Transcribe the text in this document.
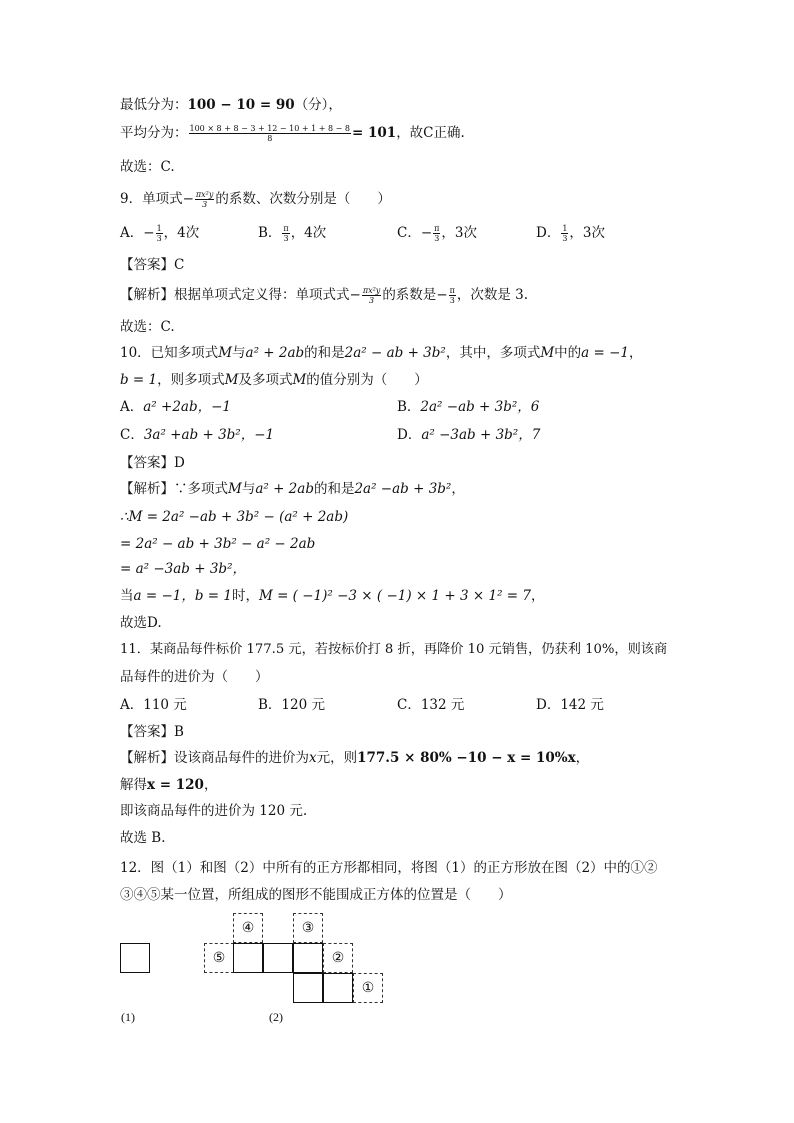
最低分为：100 − 10 = 90（分），
平均分为： $\frac{100 \times 8 + 8 - 3 + 12 - 10 + 1 + 8 - 8}{8} = 101$，故C正确.
故选：C.
9．单项式− $\frac{\text{πx²y}}{3}$ 的系数、次数分别是（　　）
A．− $\frac{1}{3}$ ，4次	B． $\frac{\pi}{3}$ ，4次	C．− $\frac{\pi}{3}$ ，3次	D． $\frac{1}{3}$ ，3次
【答案】C
【解析】根据单项式定义得：单项式式− $\frac{\text{πx²y}}{3}$ 的系数是− $\frac{\pi}{3}$ ，次数是 3.
故选：C.
10．已知多项式M与a² + 2ab的和是2a² − ab + 3b²，其中，多项式M中的a = −1，
b = 1，则多项式M及多项式M的值分别为（　　）
A．a² +2ab，−1	B．2a² −ab + 3b²，6
C．3a² +ab + 3b²，−1	D．a² −3ab + 3b²，7
【答案】D
【解析】∵多项式M与a² + 2ab的和是2a² −ab + 3b²，
∴M = 2a² −ab + 3b² − (a² + 2ab)
= 2a² − ab + 3b² − a² − 2ab
= a² −3ab + 3b²，
当a = −1，b = 1时，M = ( −1)² −3 × ( −1) × 1 + 3 × 1² = 7，
故选D.
11．某商品每件标价 177.5 元，若按标价打 8 折，再降价 10 元销售，仍获利 10%，则该商
品每件的进价为（　　）
A．110 元	B．120 元	C．132 元	D．142 元
【答案】B
【解析】设该商品每件的进价为x元，则177.5 × 80% −10 − x = 10%x，
解得x = 120，
即该商品每件的进价为 120 元.
故选 B.
12．图（1）和图（2）中所有的正方形都相同，将图（1）的正方形放在图（2）中的①②
③④⑤某一位置，所组成的图形不能围成正方体的位置是（　　）
④	③
⑤	②
①
(1)	(2)
